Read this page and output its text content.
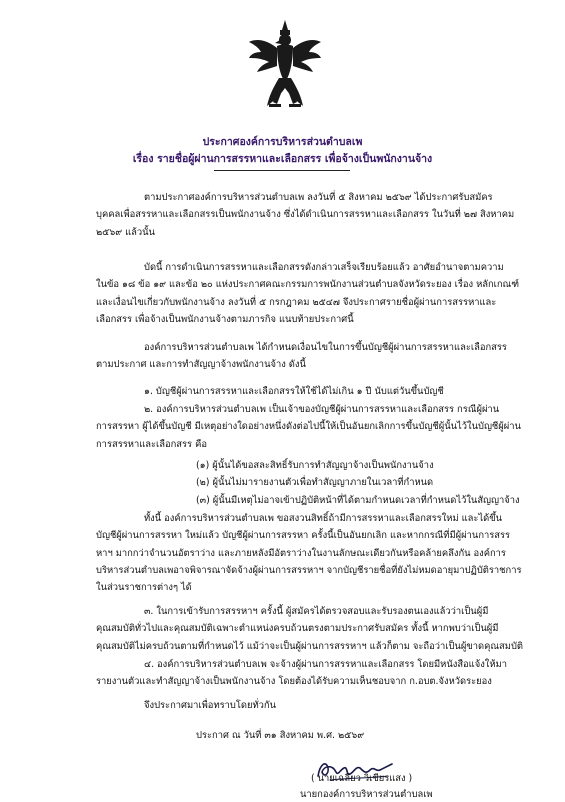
ประกาศองค์การบริหารส่วนตำบลเพ
เรื่อง รายชื่อผู้ผ่านการสรรหาและเลือกสรร เพื่อจ้างเป็นพนักงานจ้าง
ตามประกาศองค์การบริหารส่วนตำบลเพ ลงวันที่ ๕ สิงหาคม ๒๕๖๙ ได้ประกาศรับสมัคร
บุคคลเพื่อสรรหาและเลือกสรรเป็นพนักงานจ้าง ซึ่งได้ดำเนินการสรรหาและเลือกสรร ในวันที่ ๒๗ สิงหาคม
๒๕๖๙ แล้วนั้น
บัดนี้ การดำเนินการสรรหาและเลือกสรรดังกล่าวเสร็จเรียบร้อยแล้ว อาศัยอำนาจตามความ
ในข้อ ๑๘ ข้อ ๑๙ และข้อ ๒๐ แห่งประกาศคณะกรรมการพนักงานส่วนตำบลจังหวัดระยอง เรื่อง หลักเกณฑ์
และเงื่อนไขเกี่ยวกับพนักงานจ้าง ลงวันที่ ๕ กรกฎาคม ๒๕๔๗ จึงประกาศรายชื่อผู้ผ่านการสรรหาและ
เลือกสรร เพื่อจ้างเป็นพนักงานจ้างตามภารกิจ แนบท้ายประกาศนี้
องค์การบริหารส่วนตำบลเพ ได้กำหนดเงื่อนไขในการขึ้นบัญชีผู้ผ่านการสรรหาและเลือกสรร
ตามประกาศ และการทำสัญญาจ้างพนักงานจ้าง ดังนี้
๑. บัญชีผู้ผ่านการสรรหาและเลือกสรรให้ใช้ได้ไม่เกิน ๑ ปี นับแต่วันขึ้นบัญชี
๒. องค์การบริหารส่วนตำบลเพ เป็นเจ้าของบัญชีผู้ผ่านการสรรหาและเลือกสรร กรณีผู้ผ่าน
การสรรหา ผู้ได้ขึ้นบัญชี มีเหตุอย่างใดอย่างหนึ่งดังต่อไปนี้ให้เป็นอันยกเลิกการขึ้นบัญชีผู้นั้นไว้ในบัญชีผู้ผ่าน
การสรรหาและเลือกสรร คือ
(๑) ผู้นั้นได้ขอสละสิทธิ์รับการทำสัญญาจ้างเป็นพนักงานจ้าง
(๒) ผู้นั้นไม่มารายงานตัวเพื่อทำสัญญาภายในเวลาที่กำหนด
(๓) ผู้นั้นมีเหตุไม่อาจเข้าปฏิบัติหน้าที่ได้ตามกำหนดเวลาที่กำหนดไว้ในสัญญาจ้าง
ทั้งนี้ องค์การบริหารส่วนตำบลเพ ขอสงวนสิทธิ์ถ้ามีการสรรหาและเลือกสรรใหม่ และได้ขึ้น
บัญชีผู้ผ่านการสรรหา ใหม่แล้ว บัญชีผู้ผ่านการสรรหา ครั้งนี้เป็นอันยกเลิก และหากกรณีที่มีผู้ผ่านการสรร
หาฯ มากกว่าจำนวนอัตราว่าง และภายหลังมีอัตราว่างในงานลักษณะเดียวกันหรือคล้ายคลึงกัน องค์การ
บริหารส่วนตำบลเพอาจพิจารณาจัดจ้างผู้ผ่านการสรรหาฯ จากบัญชีรายชื่อที่ยังไม่หมดอายุมาปฏิบัติราชการ
ในส่วนราชการต่างๆ ได้
๓. ในการเข้ารับการสรรหาฯ ครั้งนี้ ผู้สมัครได้ตรวจสอบและรับรองตนเองแล้วว่าเป็นผู้มี
คุณสมบัติทั่วไปและคุณสมบัติเฉพาะตำแหน่งครบถ้วนตรงตามประกาศรับสมัคร ทั้งนี้ หากพบว่าเป็นผู้มี
คุณสมบัติไม่ครบถ้วนตามที่กำหนดไว้ แม้ว่าจะเป็นผู้ผ่านการสรรหาฯ แล้วก็ตาม จะถือว่าเป็นผู้ขาดคุณสมบัติ
๔. องค์การบริหารส่วนตำบลเพ จะจ้างผู้ผ่านการสรรหาและเลือกสรร โดยมีหนังสือแจ้งให้มา
รายงานตัวและทำสัญญาจ้างเป็นพนักงานจ้าง โดยต้องได้รับความเห็นชอบจาก ก.อบต.จังหวัดระยอง
จึงประกาศมาเพื่อทราบโดยทั่วกัน
ประกาศ ณ วันที่ ๓๑ สิงหาคม พ.ศ. ๒๕๖๙
( นายเฉลียว วิเชียรแสง )
นายกองค์การบริหารส่วนตำบลเพ
